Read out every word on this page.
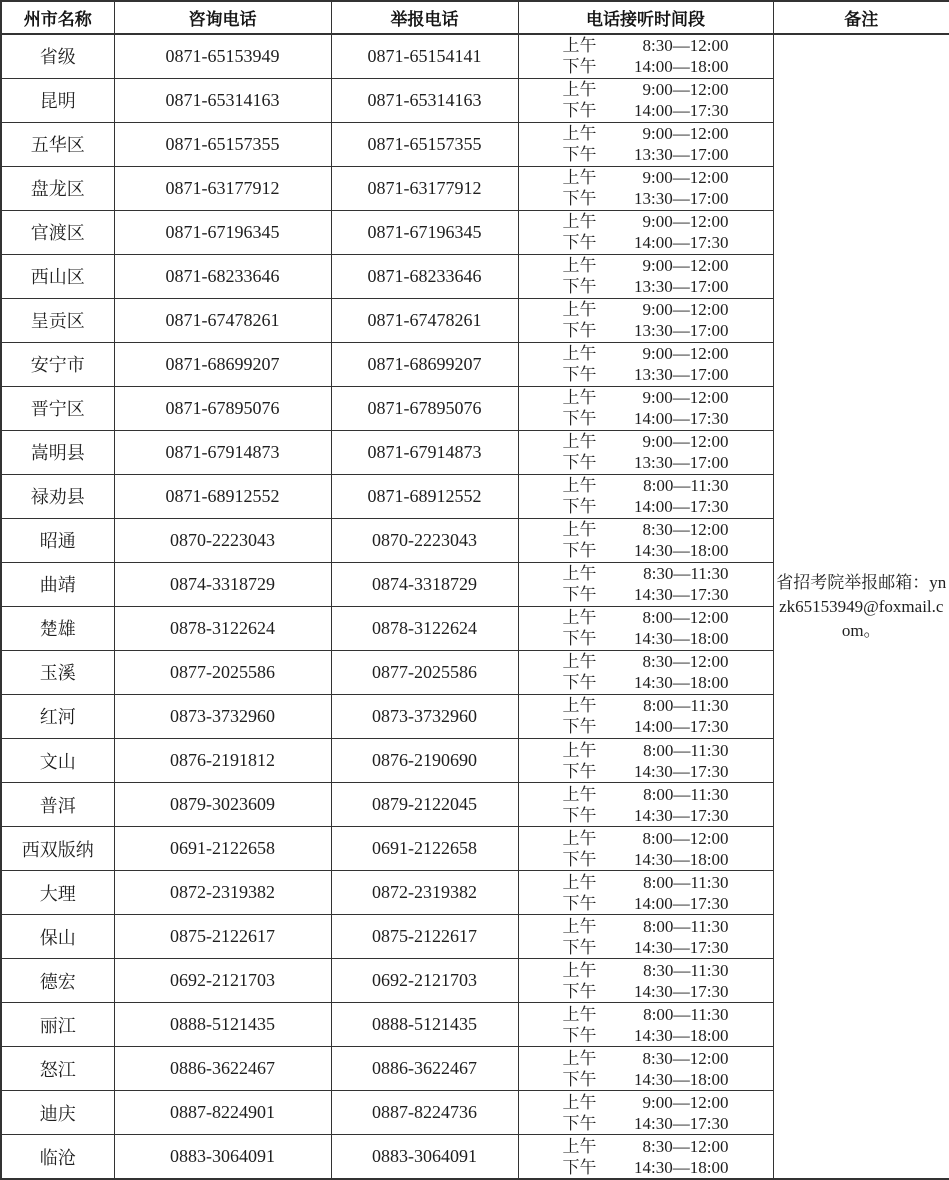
州市名称	咨询电话	举报电话	电话接听时间段	备注
省级	0871-65153949	0871-65154141	上午 8:30—12:00
下午 14:00—18:00	省招考院举报邮箱：ynzk65153949@foxmail.com。

昆明	0871-65314163	0871-65314163	上午 9:00—12:00
下午 14:00—17:30	

五华区	0871-65157355	0871-65157355	上午 9:00—12:00
下午 13:30—17:00	

盘龙区	0871-63177912	0871-63177912	上午 9:00—12:00
下午 13:30—17:00	

官渡区	0871-67196345	0871-67196345	上午 9:00—12:00
下午 14:00—17:30	

西山区	0871-68233646	0871-68233646	上午 9:00—12:00
下午 13:30—17:00	

呈贡区	0871-67478261	0871-67478261	上午 9:00—12:00
下午 13:30—17:00	

安宁市	0871-68699207	0871-68699207	上午 9:00—12:00
下午 13:30—17:00	

晋宁区	0871-67895076	0871-67895076	上午 9:00—12:00
下午 14:00—17:30	

嵩明县	0871-67914873	0871-67914873	上午 9:00—12:00
下午 13:30—17:00	

禄劝县	0871-68912552	0871-68912552	上午 8:00—11:30
下午 14:00—17:30	

昭通	0870-2223043	0870-2223043	上午 8:30—12:00
下午 14:30—18:00	

曲靖	0874-3318729	0874-3318729	上午 8:30—11:30
下午 14:30—17:30	

楚雄	0878-3122624	0878-3122624	上午 8:00—12:00
下午 14:30—18:00	

玉溪	0877-2025586	0877-2025586	上午 8:30—12:00
下午 14:30—18:00	

红河	0873-3732960	0873-3732960	上午 8:00—11:30
下午 14:00—17:30	

文山	0876-2191812	0876-2190690	上午 8:00—11:30
下午 14:30—17:30	

普洱	0879-3023609	0879-2122045	上午 8:00—11:30
下午 14:30—17:30	

西双版纳	0691-2122658	0691-2122658	上午 8:00—12:00
下午 14:30—18:00	

大理	0872-2319382	0872-2319382	上午 8:00—11:30
下午 14:00—17:30	

保山	0875-2122617	0875-2122617	上午 8:00—11:30
下午 14:30—17:30	

德宏	0692-2121703	0692-2121703	上午 8:30—11:30
下午 14:30—17:30	

丽江	0888-5121435	0888-5121435	上午 8:00—11:30
下午 14:30—18:00	

怒江	0886-3622467	0886-3622467	上午 8:30—12:00
下午 14:30—18:00	

迪庆	0887-8224901	0887-8224736	上午 9:00—12:00
下午 14:30—17:30	

临沧	0883-3064091	0883-3064091	上午 8:30—12:00
下午 14:30—18:00	
